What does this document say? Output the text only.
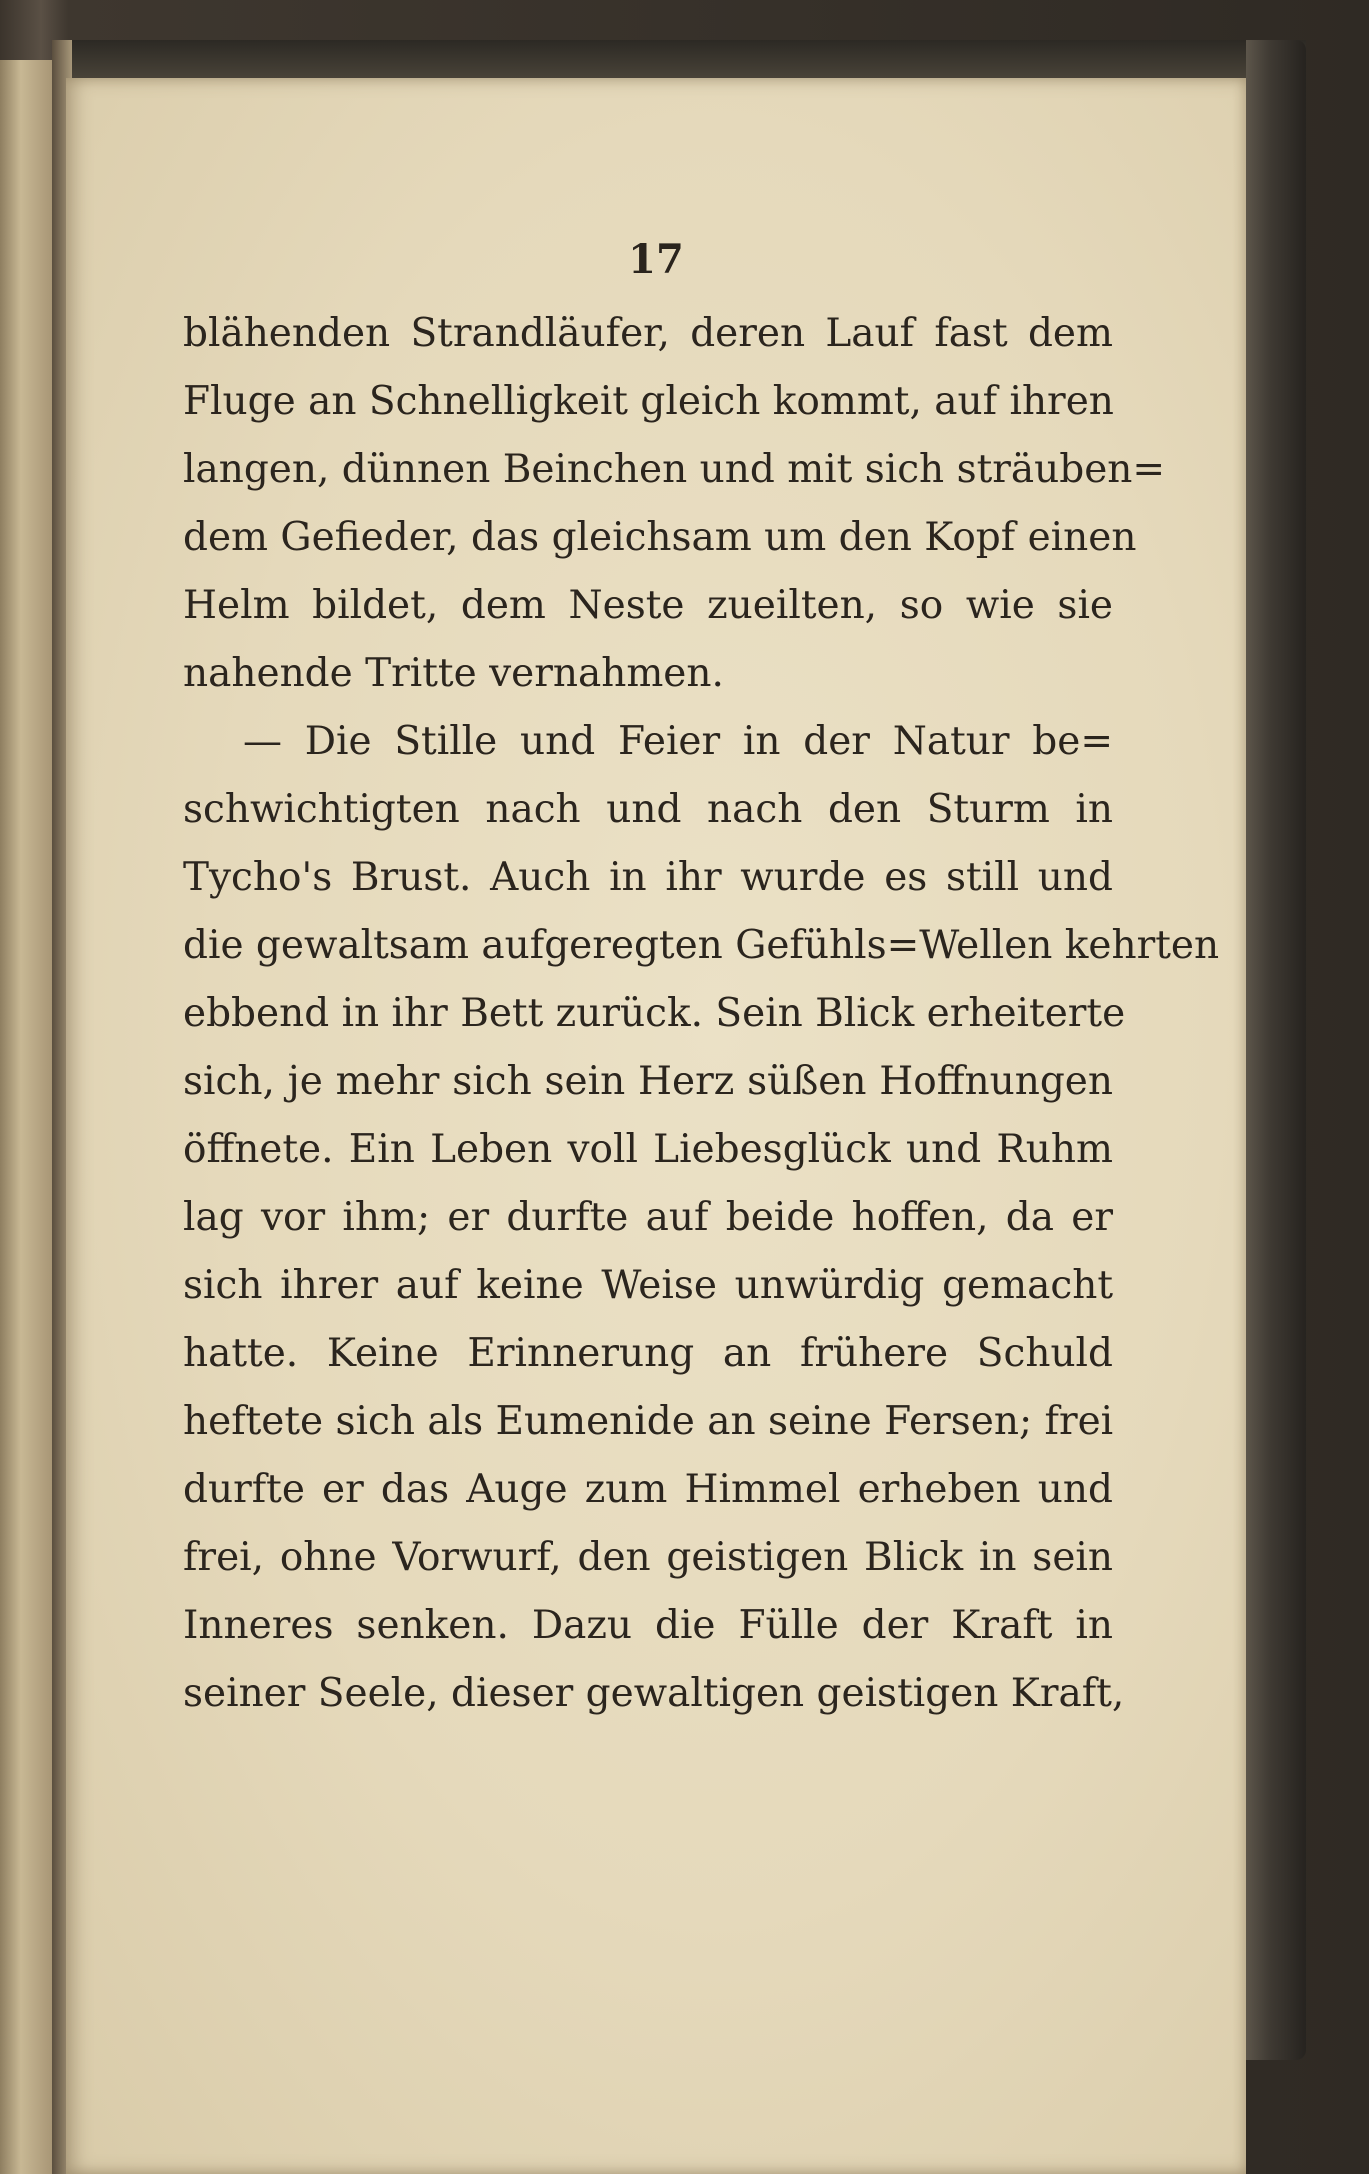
17
blähenden Strandläufer, deren Lauf fast dem
Fluge an Schnelligkeit gleich kommt, auf ihren
langen, dünnen Beinchen und mit sich sträuben=
dem Gefieder, das gleichsam um den Kopf einen
Helm bildet, dem Neste zueilten, so wie sie
nahende Tritte vernahmen.
— Die Stille und Feier in der Natur be=
schwichtigten nach und nach den Sturm in
Tycho's Brust. Auch in ihr wurde es still und
die gewaltsam aufgeregten Gefühls=Wellen kehrten
ebbend in ihr Bett zurück. Sein Blick erheiterte
sich, je mehr sich sein Herz süßen Hoffnungen
öffnete. Ein Leben voll Liebesglück und Ruhm
lag vor ihm; er durfte auf beide hoffen, da er
sich ihrer auf keine Weise unwürdig gemacht
hatte. Keine Erinnerung an frühere Schuld
heftete sich als Eumenide an seine Fersen; frei
durfte er das Auge zum Himmel erheben und
frei, ohne Vorwurf, den geistigen Blick in sein
Inneres senken. Dazu die Fülle der Kraft in
seiner Seele, dieser gewaltigen geistigen Kraft,
